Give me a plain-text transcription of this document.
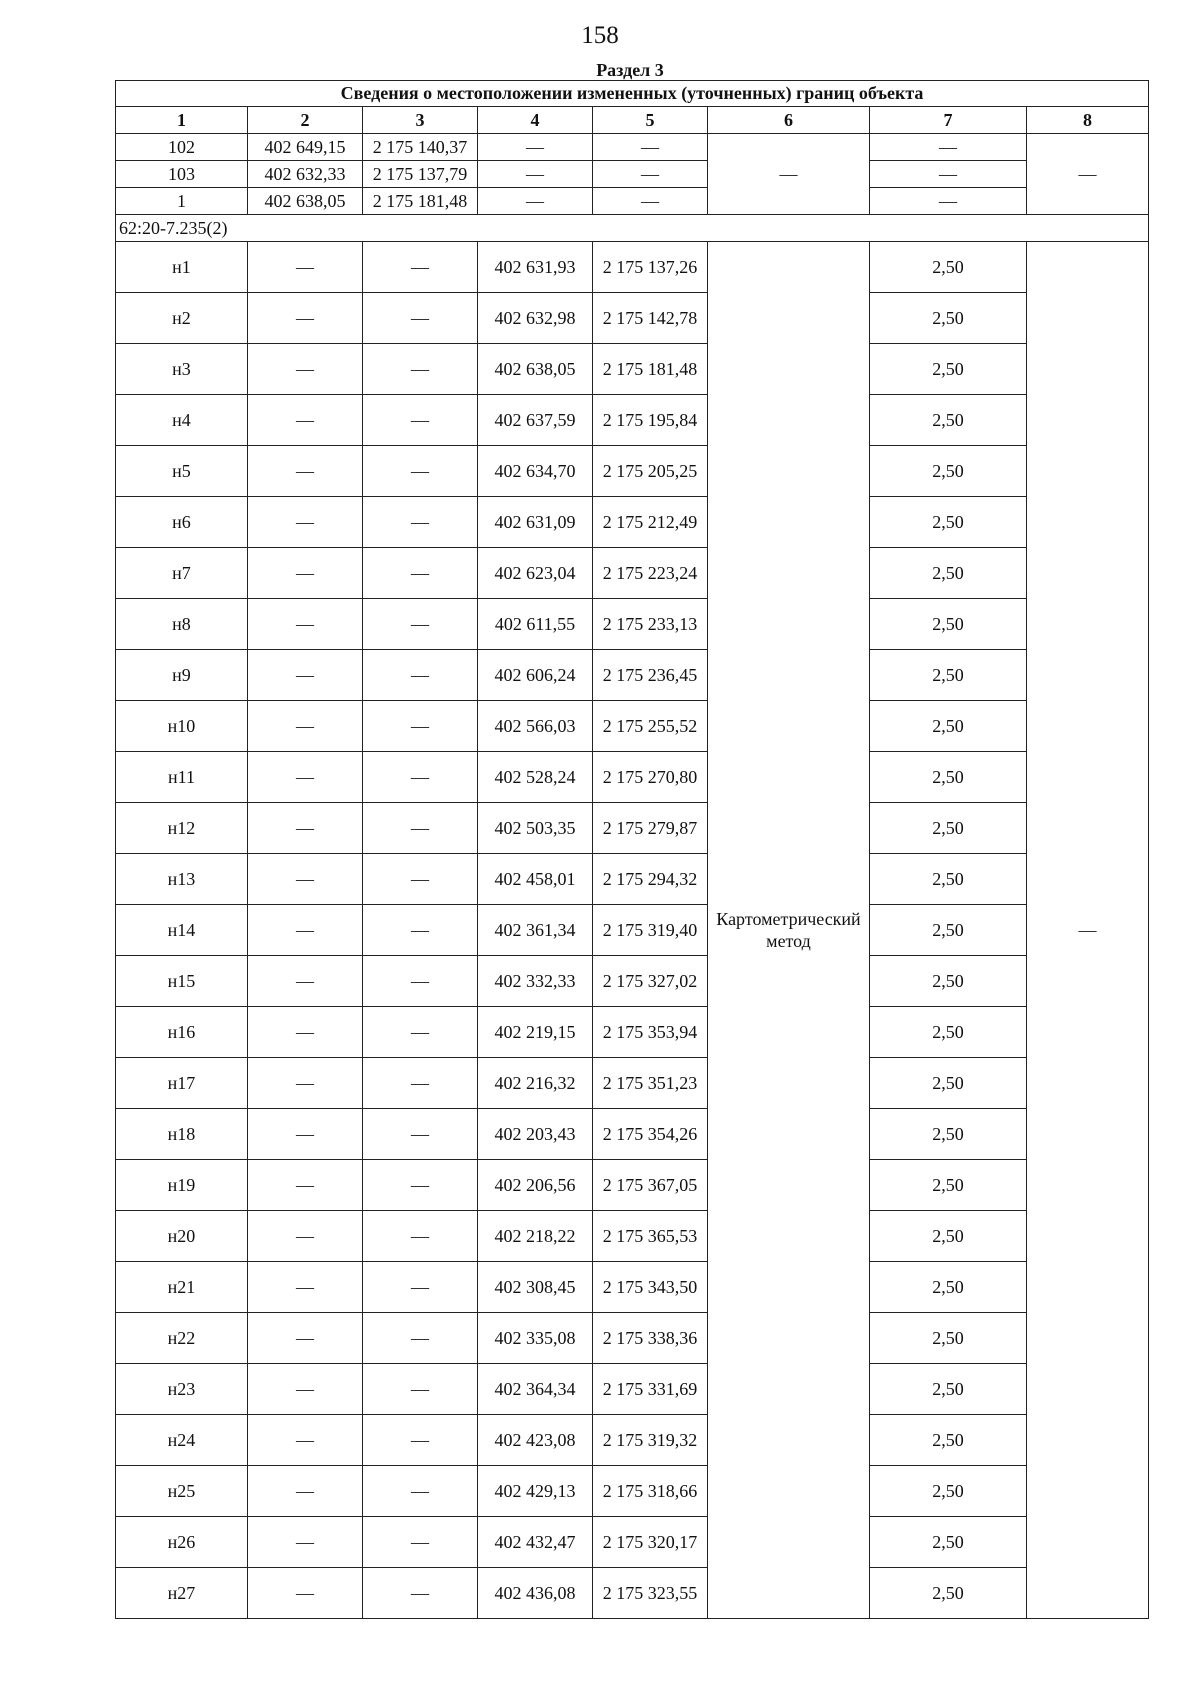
158
Раздел 3
Сведения о местоположении измененных (уточненных) границ объекта							
1	2	3	4	5	6	7	8
102	402 649,15	2 175 140,37	—	—	—	—	—
103	402 632,33	2 175 137,79	—	—		—	
1	402 638,05	2 175 181,48	—	—		—	
62:20-7.235(2)							
н1	—	—	402 631,93	2 175 137,26	Картометрический метод	2,50	—
н2	—	—	402 632,98	2 175 142,78		2,50	
н3	—	—	402 638,05	2 175 181,48		2,50	
н4	—	—	402 637,59	2 175 195,84		2,50	
н5	—	—	402 634,70	2 175 205,25		2,50	
н6	—	—	402 631,09	2 175 212,49		2,50	
н7	—	—	402 623,04	2 175 223,24		2,50	
н8	—	—	402 611,55	2 175 233,13		2,50	
н9	—	—	402 606,24	2 175 236,45		2,50	
н10	—	—	402 566,03	2 175 255,52		2,50	
н11	—	—	402 528,24	2 175 270,80		2,50	
н12	—	—	402 503,35	2 175 279,87		2,50	
н13	—	—	402 458,01	2 175 294,32		2,50	
н14	—	—	402 361,34	2 175 319,40		2,50	
н15	—	—	402 332,33	2 175 327,02		2,50	
н16	—	—	402 219,15	2 175 353,94		2,50	
н17	—	—	402 216,32	2 175 351,23		2,50	
н18	—	—	402 203,43	2 175 354,26		2,50	
н19	—	—	402 206,56	2 175 367,05		2,50	
н20	—	—	402 218,22	2 175 365,53		2,50	
н21	—	—	402 308,45	2 175 343,50		2,50	
н22	—	—	402 335,08	2 175 338,36		2,50	
н23	—	—	402 364,34	2 175 331,69		2,50	
н24	—	—	402 423,08	2 175 319,32		2,50	
н25	—	—	402 429,13	2 175 318,66		2,50	
н26	—	—	402 432,47	2 175 320,17		2,50	
н27	—	—	402 436,08	2 175 323,55		2,50	
